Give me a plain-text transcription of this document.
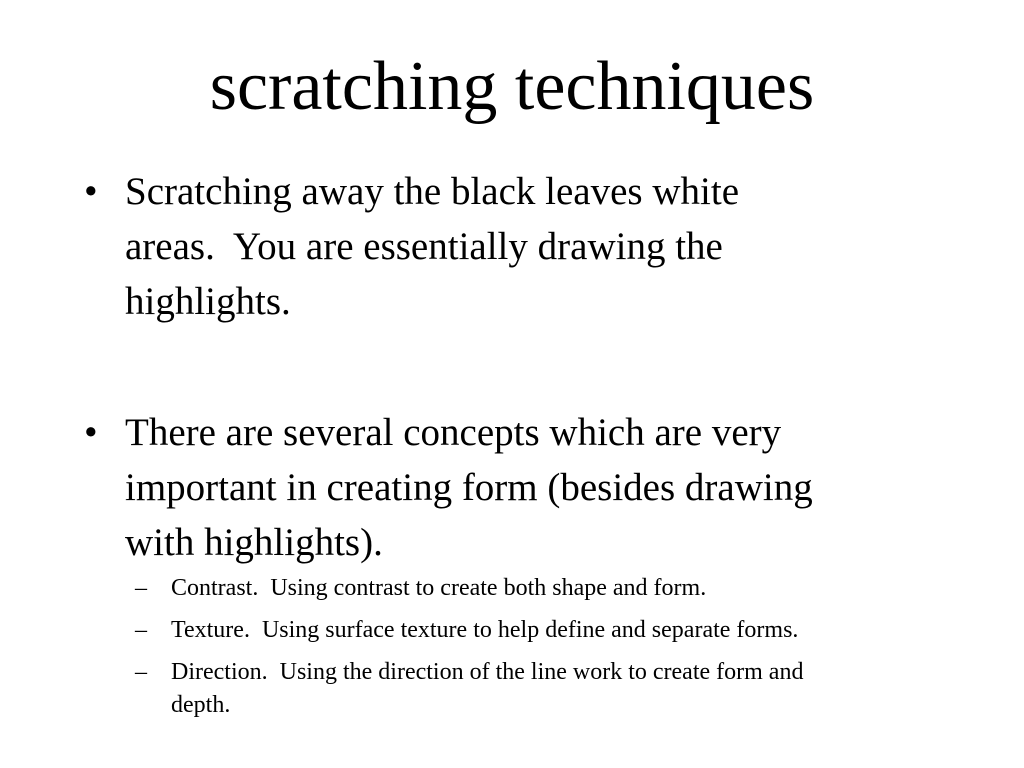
scratching techniques
• Scratching away the black leaves white
areas.  You are essentially drawing the
highlights.
• There are several concepts which are very
important in creating form (besides drawing
with highlights).
–	Contrast.  Using contrast to create both shape and form.
–	Texture.  Using surface texture to help define and separate forms.
–	Direction.  Using the direction of the line work to create form and
depth.
